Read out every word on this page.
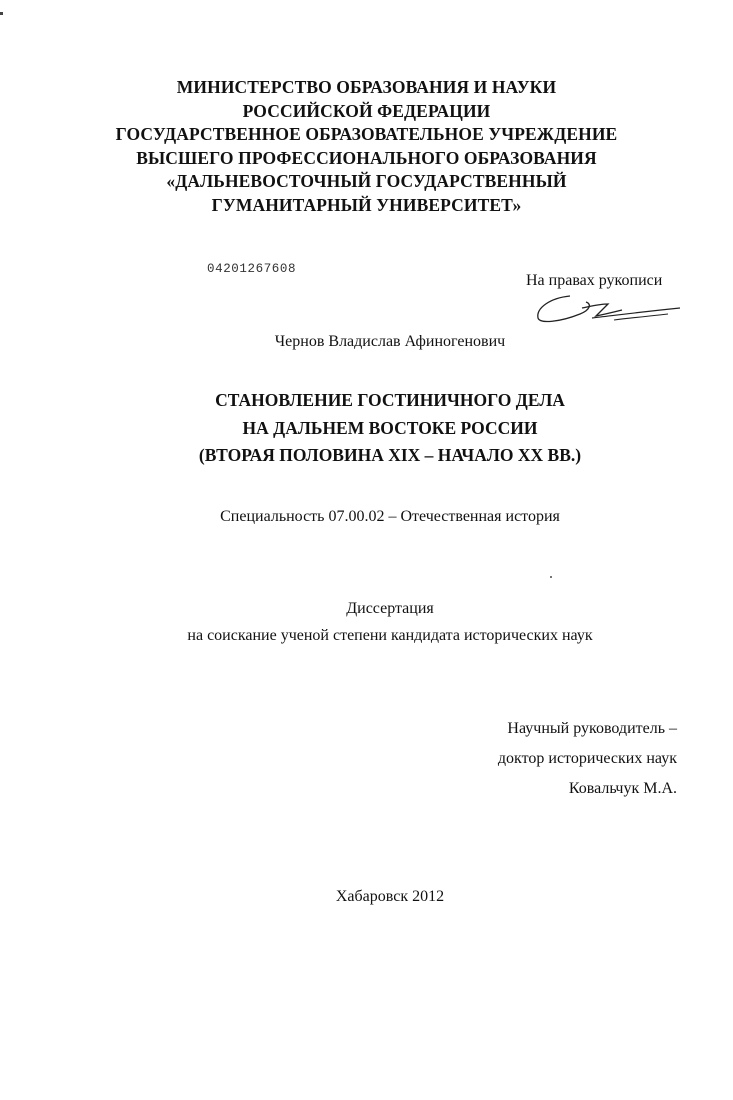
МИНИСТЕРСТВО ОБРАЗОВАНИЯ И НАУКИ
РОССИЙСКОЙ ФЕДЕРАЦИИ
ГОСУДАРСТВЕННОЕ ОБРАЗОВАТЕЛЬНОЕ УЧРЕЖДЕНИЕ
ВЫСШЕГО ПРОФЕССИОНАЛЬНОГО ОБРАЗОВАНИЯ
«ДАЛЬНЕВОСТОЧНЫЙ ГОСУДАРСТВЕННЫЙ
ГУМАНИТАРНЫЙ УНИВЕРСИТЕТ»
04201267608
На правах рукописи
Чернов Владислав Афиногенович
СТАНОВЛЕНИЕ ГОСТИНИЧНОГО ДЕЛА
НА ДАЛЬНЕМ ВОСТОКЕ РОССИИ
(ВТОРАЯ ПОЛОВИНА XIX – НАЧАЛО XX ВВ.)
Специальность 07.00.02 – Отечественная история
Диссертация
на соискание ученой степени кандидата исторических наук
Научный руководитель –
доктор исторических наук
Ковальчук М.А.
Хабаровск 2012
